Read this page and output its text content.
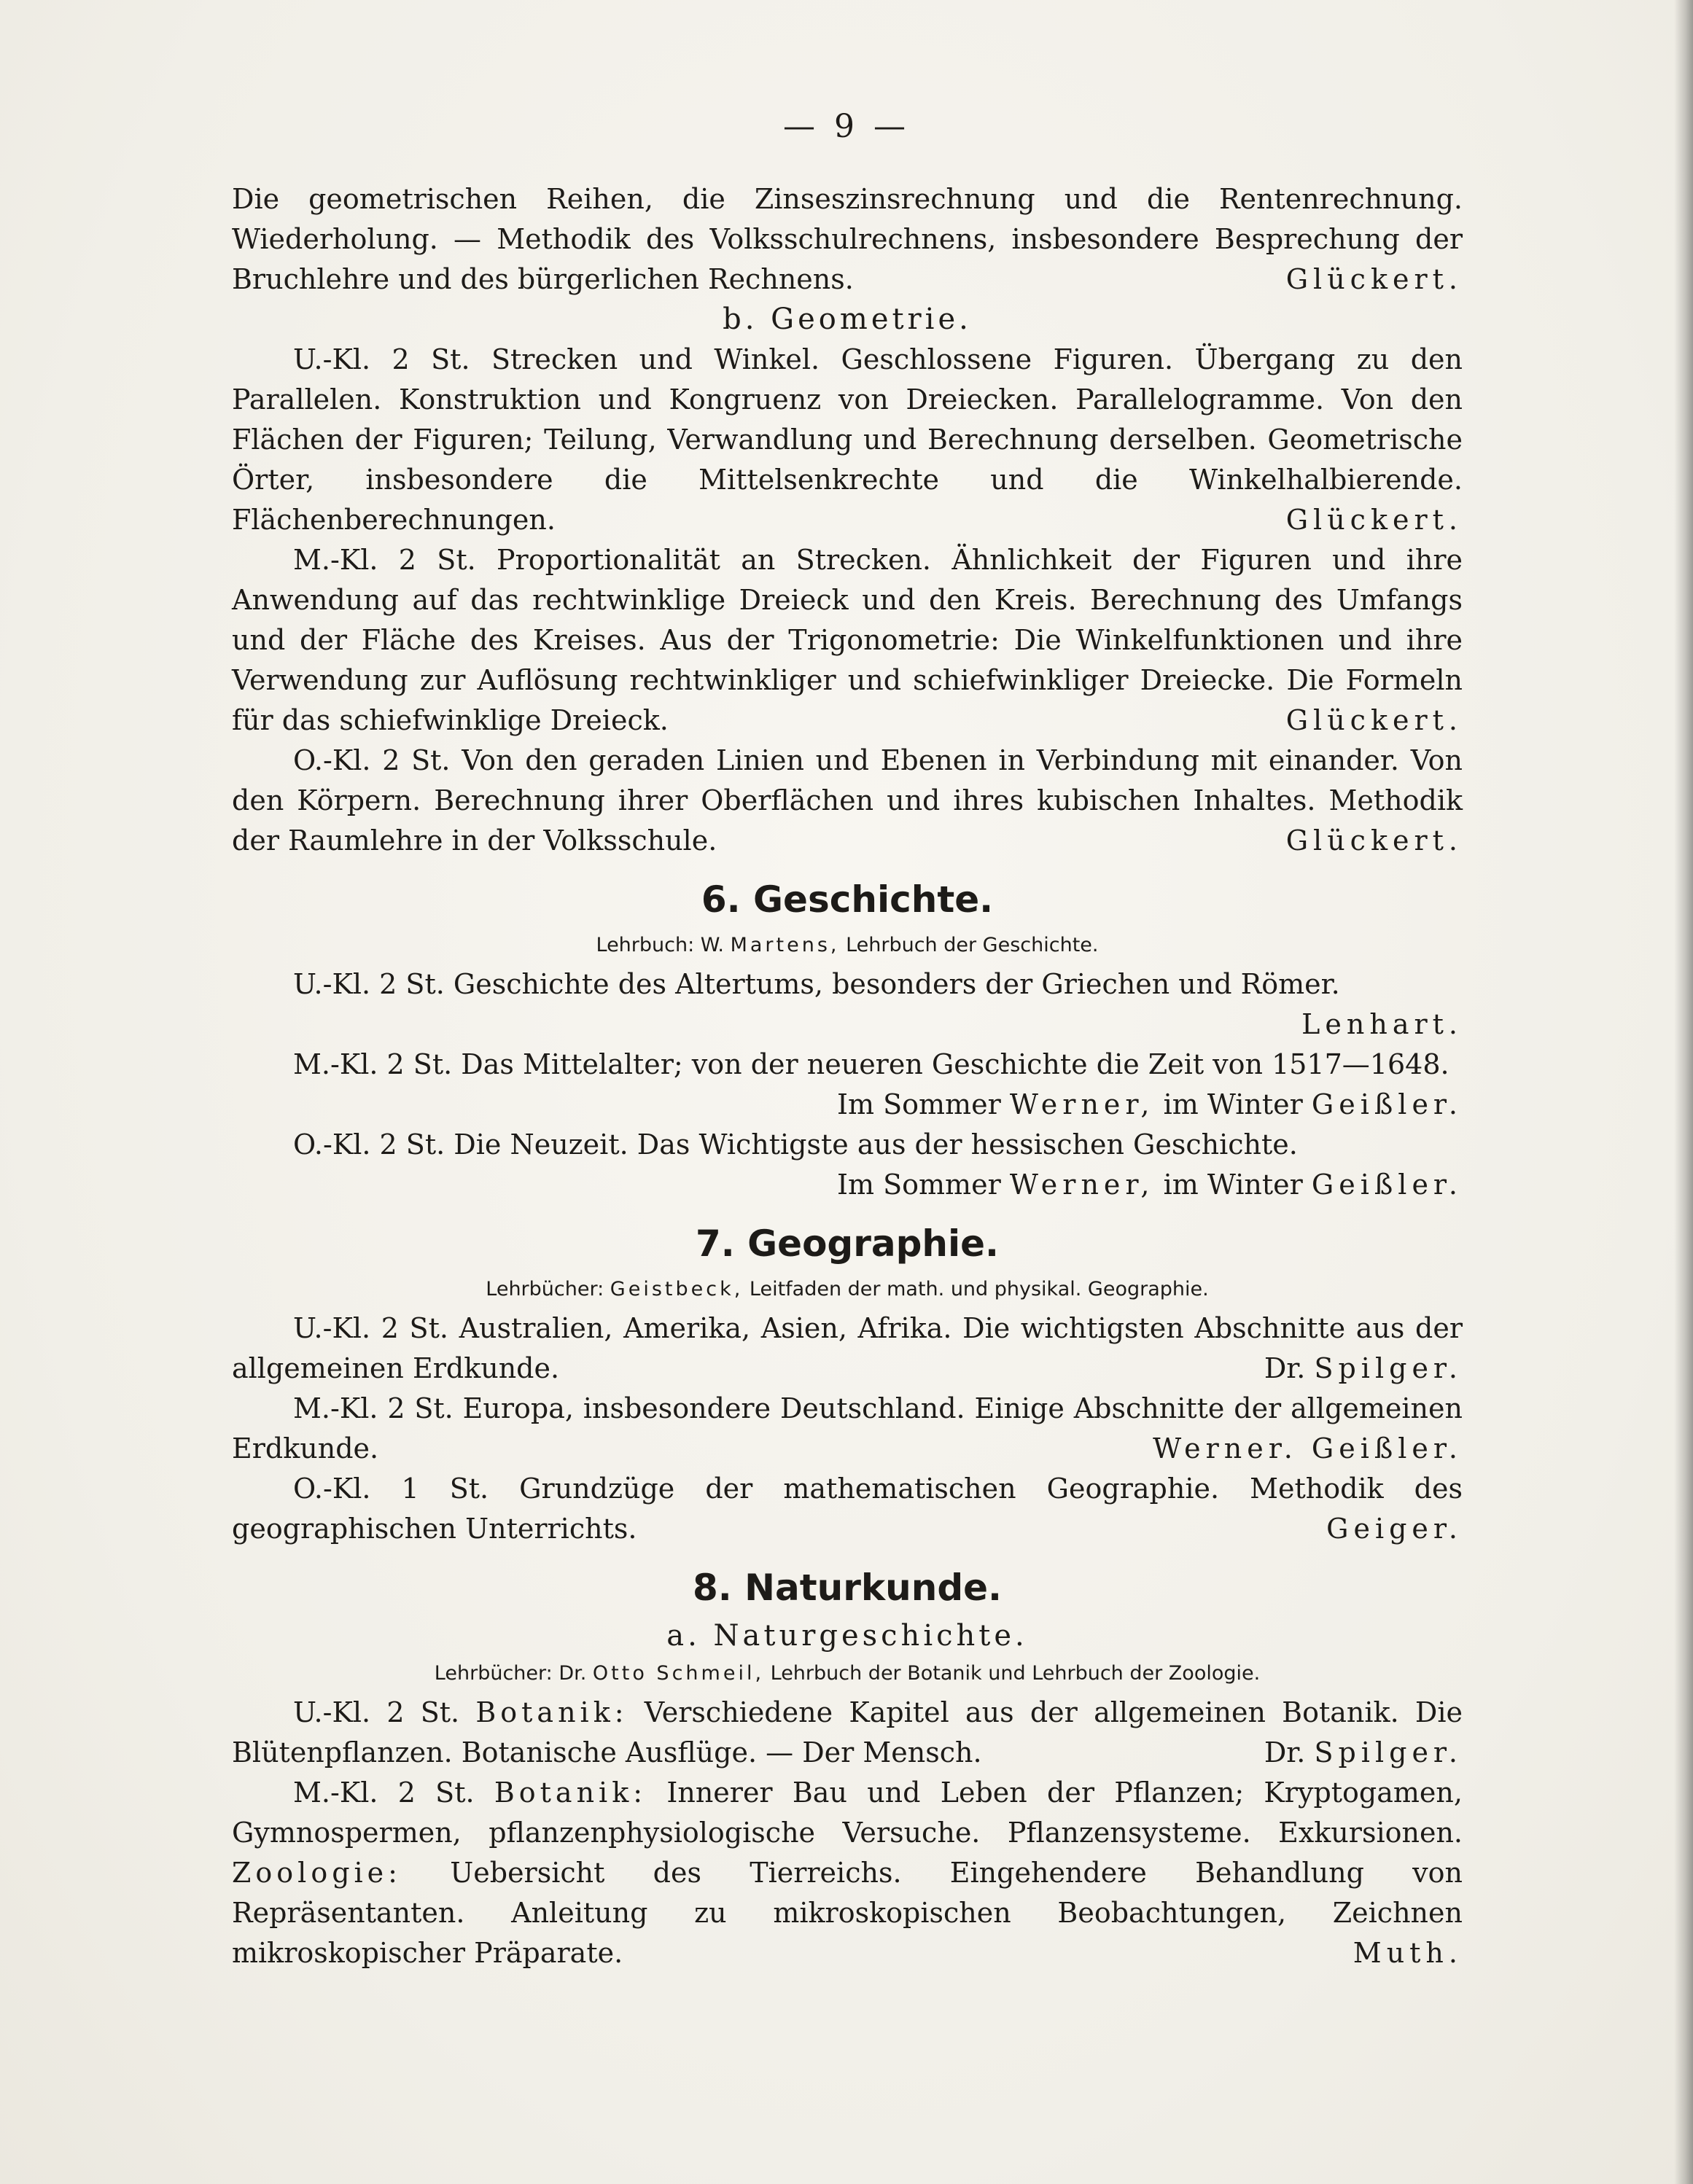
— 9 —

Die geometrischen Reihen, die Zinseszinsrechnung und die Rentenrechnung. Wiederholung. — Methodik des Volksschulrechnens, insbesondere Besprechung der Bruchlehre und des bürgerlichen Rechnens.	Glückert.

b. Geometrie.

U.-Kl. 2 St. Strecken und Winkel. Geschlossene Figuren. Übergang zu den Parallelen. Konstruktion und Kongruenz von Dreiecken. Parallelogramme. Von den Flächen der Figuren; Teilung, Verwandlung und Berechnung derselben. Geometrische Örter, insbesondere die Mittelsenkrechte und die Winkelhalbierende. Flächenberechnungen.	Glückert.

M.-Kl. 2 St. Proportionalität an Strecken. Ähnlichkeit der Figuren und ihre Anwendung auf das rechtwinklige Dreieck und den Kreis. Berechnung des Umfangs und der Fläche des Kreises. Aus der Trigonometrie: Die Winkelfunktionen und ihre Verwendung zur Auflösung rechtwinkliger und schiefwinkliger Dreiecke. Die Formeln für das schiefwinklige Dreieck.	Glückert.

O.-Kl. 2 St. Von den geraden Linien und Ebenen in Verbindung mit einander. Von den Körpern. Berechnung ihrer Oberflächen und ihres kubischen Inhaltes. Methodik der Raumlehre in der Volksschule.	Glückert.

6. Geschichte.

Lehrbuch: W. Martens, Lehrbuch der Geschichte.

U.-Kl. 2 St. Geschichte des Altertums, besonders der Griechen und Römer.

Lenhart.

M.-Kl. 2 St. Das Mittelalter; von der neueren Geschichte die Zeit von 1517—1648.

Im Sommer Werner, im Winter Geißler.

O.-Kl. 2 St. Die Neuzeit. Das Wichtigste aus der hessischen Geschichte.

Im Sommer Werner, im Winter Geißler.

7. Geographie.

Lehrbücher: Geistbeck, Leitfaden der math. und physikal. Geographie.

U.-Kl. 2 St. Australien, Amerika, Asien, Afrika. Die wichtigsten Abschnitte aus der allgemeinen Erdkunde.	Dr. Spilger.

M.-Kl. 2 St. Europa, insbesondere Deutschland. Einige Abschnitte der allgemeinen Erdkunde.	Werner. Geißler.

O.-Kl. 1 St. Grundzüge der mathematischen Geographie. Methodik des geographischen Unterrichts.	Geiger.

8. Naturkunde.

a. Naturgeschichte.

Lehrbücher: Dr. Otto Schmeil, Lehrbuch der Botanik und Lehrbuch der Zoologie.

U.-Kl. 2 St. Botanik: Verschiedene Kapitel aus der allgemeinen Botanik. Die Blütenpflanzen. Botanische Ausflüge. — Der Mensch.	Dr. Spilger.

M.-Kl. 2 St. Botanik: Innerer Bau und Leben der Pflanzen; Kryptogamen, Gymnospermen, pflanzenphysiologische Versuche. Pflanzensysteme. Exkursionen. Zoologie: Uebersicht des Tierreichs. Eingehendere Behandlung von Repräsentanten. Anleitung zu mikroskopischen Beobachtungen, Zeichnen mikroskopischer Präparate.	Muth.
